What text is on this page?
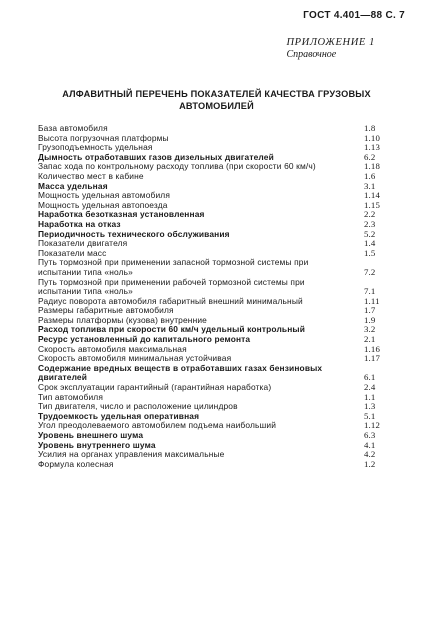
ГОСТ 4.401—88 С. 7
ПРИЛОЖЕНИЕ 1
Справочное
АЛФАВИТНЫЙ ПЕРЕЧЕНЬ ПОКАЗАТЕЛЕЙ КАЧЕСТВА ГРУЗОВЫХ
АВТОМОБИЛЕЙ
База автомобиля	1.8
Высота погрузочная платформы	1.10
Грузоподъемность удельная	1.13
Дымность отработавших газов дизельных двигателей	6.2
Запас хода по контрольному расходу топлива (при скорости 60 км/ч)	1.18
Количество мест в кабине	1.6
Масса удельная	3.1
Мощность удельная автомобиля	1.14
Мощность удельная автопоезда	1.15
Наработка безотказная установленная	2.2
Наработка на отказ	2.3
Периодичность технического обслуживания	5.2
Показатели двигателя	1.4
Показатели масс	1.5
Путь тормозной при применении запасной тормозной системы при
испытании типа «ноль»	7.2
Путь тормозной при применении рабочей тормозной системы при
испытании типа «ноль»	7.1
Радиус поворота автомобиля габаритный внешний минимальный	1.11
Размеры габаритные автомобиля	1.7
Размеры платформы (кузова) внутренние	1.9
Расход топлива при скорости 60 км/ч удельный контрольный	3.2
Ресурс установленный до капитального ремонта	2.1
Скорость автомобиля максимальная	1.16
Скорость автомобиля минимальная устойчивая	1.17
Содержание вредных веществ в отработавших газах бензиновых
двигателей	6.1
Срок эксплуатации гарантийный (гарантийная наработка)	2.4
Тип автомобиля	1.1
Тип двигателя, число и расположение цилиндров	1.3
Трудоемкость удельная оперативная	5.1
Угол преодолеваемого автомобилем подъема наибольший	1.12
Уровень внешнего шума	6.3
Уровень внутреннего шума	4.1
Усилия на органах управления максимальные	4.2
Формула колесная	1.2
